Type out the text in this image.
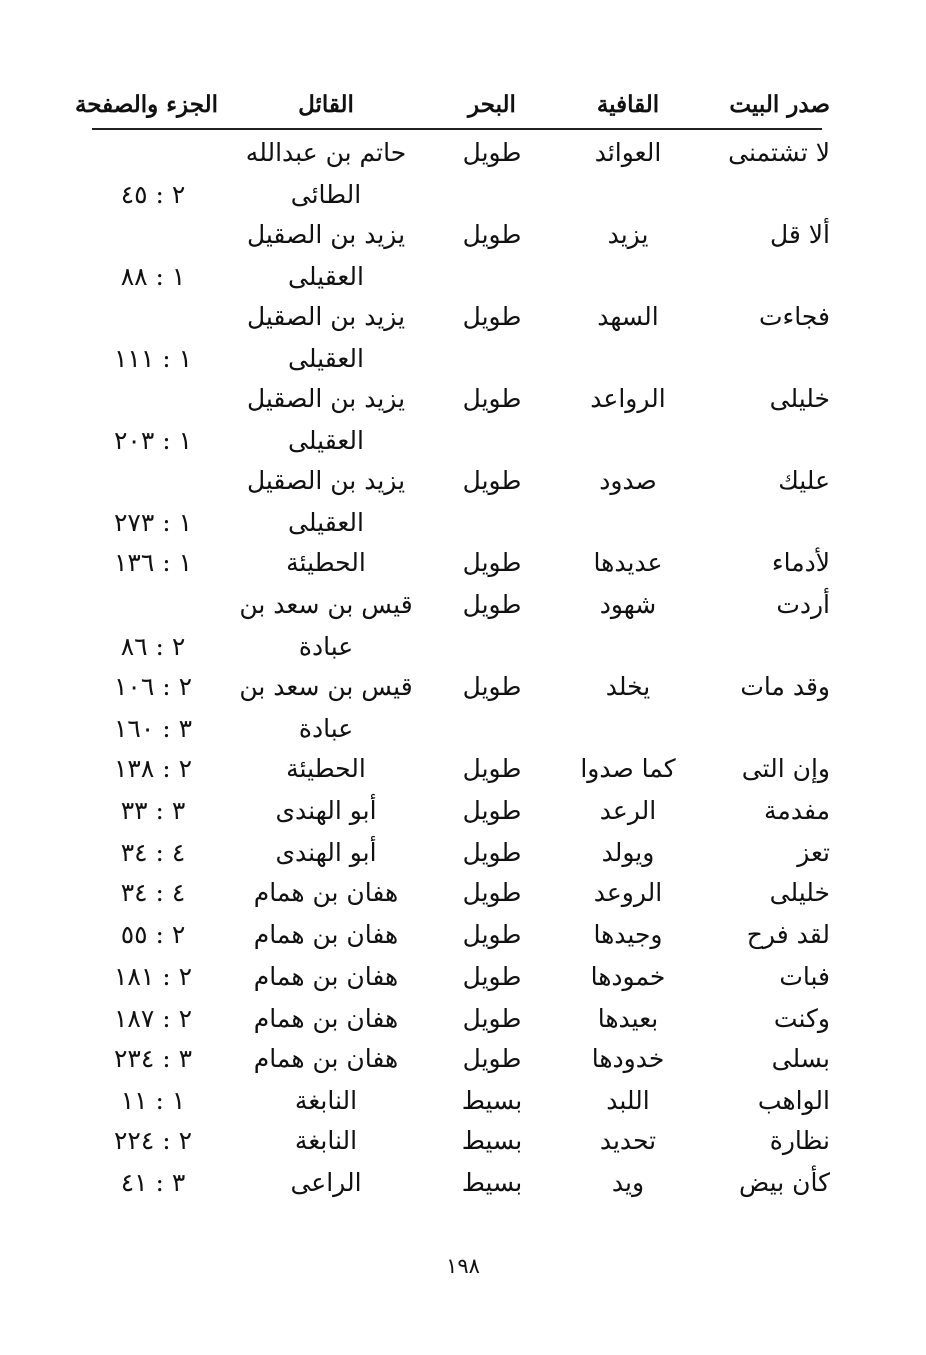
صدر البيت
القافية
البحر
القائل
الجزء والصفحة
لا تشتمنى
العوائد
طويل
حاتم بن عبدالله
الطائى
٢ : ٤٥
ألا قل
يزيد
طويل
يزيد بن الصقيل
العقيلى
١ : ٨٨
فجاءت
السهد
طويل
يزيد بن الصقيل
العقيلى
١ : ١١١
خليلى
الرواعد
طويل
يزيد بن الصقيل
العقيلى
١ : ٢٠٣
عليك
صدود
طويل
يزيد بن الصقيل
العقيلى
١ : ٢٧٣
لأدماء
عديدها
طويل
الحطيئة
١ : ١٣٦
أردت
شهود
طويل
قيس بن سعد بن
عبادة
٢ : ٨٦
وقد مات
يخلد
طويل
قيس بن سعد بن
عبادة
٢ : ١٠٦
٣ : ١٦٠
وإن التى
كما صدوا
طويل
الحطيئة
٢ : ١٣٨
مفدمة
الرعد
طويل
أبو الهندى
٣ : ٣٣
تعز
ويولد
طويل
أبو الهندى
٤ : ٣٤
خليلى
الروعد
طويل
هفان بن همام
٤ : ٣٤
لقد فرح
وجيدها
طويل
هفان بن همام
٢ : ٥٥
فبات
خمودها
طويل
هفان بن همام
٢ : ١٨١
وكنت
بعيدها
طويل
هفان بن همام
٢ : ١٨٧
بسلى
خدودها
طويل
هفان بن همام
٣ : ٢٣٤
الواهب
اللبد
بسيط
النابغة
١ : ١١
نظارة
تحديد
بسيط
النابغة
٢ : ٢٢٤
كأن بيض
ويد
بسيط
الراعى
٣ : ٤١
١٩٨
